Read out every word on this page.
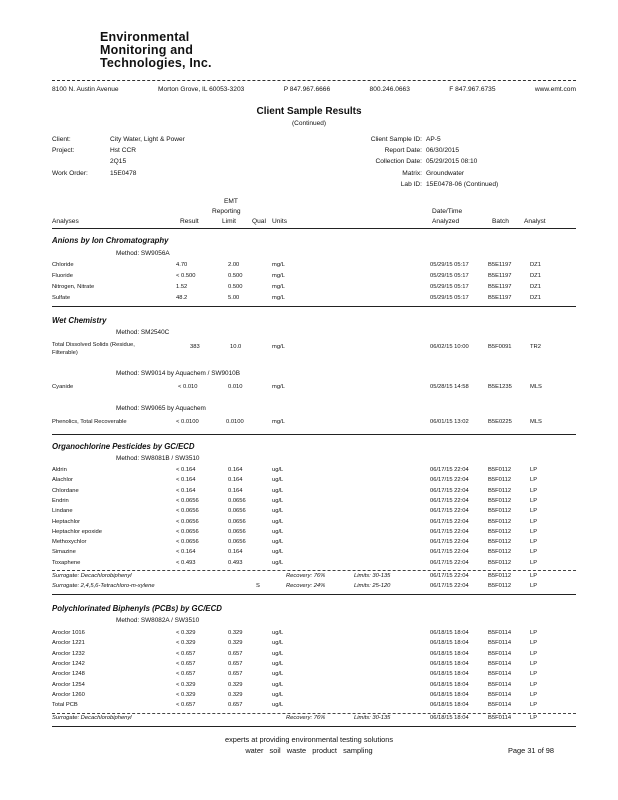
Environmental
Monitoring and
Technologies, Inc.
8100 N. Austin Avenue	Morton Grove, IL 60053-3203	P 847.967.6666	800.246.0663	F 847.967.6735	www.emt.com
Client Sample Results
(Continued)
Client:	City Water, Light & Power
Project:	Hst CCR
2Q15
Work Order:	15E0478
Client Sample ID: AP-5
Report Date: 06/30/2015
Collection Date: 05/29/2015 08:10
Matrix: Groundwater
Lab ID: 15E0478-06 (Continued)
EMT
Reporting
Analyses	Result	Limit Qual Units
Date/Time
Analyzed	Batch Analyst
Anions by Ion Chromatography
Method: SW9056A
Chloride	4.70	2.00	mg/L	05/29/15 05:17	B5E1197	DZ1
Fluoride	< 0.500	0.500	mg/L	05/29/15 05:17	B5E1197	DZ1
Nitrogen, Nitrate	1.52	0.500	mg/L	05/29/15 05:17	B5E1197	DZ1
Sulfate	48.2	5.00	mg/L	05/29/15 05:17	B5E1197	DZ1
Wet Chemistry
Method: SM2540C
Total Dissolved Solids (Residue,
Filterable)
383	10.0	mg/L	06/02/15 10:00	B5F0091	TR2
Method: SW9014 by Aquachem / SW9010B
Cyanide	< 0.010	0.010	mg/L	05/28/15 14:58	B5E1235	MLS
Method: SW9065 by Aquachem
Phenolics, Total Recoverable	< 0.0100	0.0100	mg/L	06/01/15 13:02	B5E0225	MLS
Organochlorine Pesticides by GC/ECD
Method: SW8081B / SW3510
Aldrin	< 0.164	0.164	ug/L	06/17/15 22:04	B5F0112	LP
Alachlor	< 0.164	0.164	ug/L	06/17/15 22:04	B5F0112	LP
Chlordane	< 0.164	0.164	ug/L	06/17/15 22:04	B5F0112	LP
Endrin	< 0.0656	0.0656	ug/L	06/17/15 22:04	B5F0112	LP
Lindane	< 0.0656	0.0656	ug/L	06/17/15 22:04	B5F0112	LP
Heptachlor	< 0.0656	0.0656	ug/L	06/17/15 22:04	B5F0112	LP
Heptachlor epoxide	< 0.0656	0.0656	ug/L	06/17/15 22:04	B5F0112	LP
Methoxychlor	< 0.0656	0.0656	ug/L	06/17/15 22:04	B5F0112	LP
Simazine	< 0.164	0.164	ug/L	06/17/15 22:04	B5F0112	LP
Toxaphene	< 0.493	0.493	ug/L	06/17/15 22:04	B5F0112	LP
Surrogate: Decachlorobiphenyl	Recovery: 76%	Limits: 30-135	06/17/15 22:04	B5F0112	LP
Surrogate: 2,4,5,6-Tetrachloro-m-xylene	S	Recovery: 24%	Limits: 25-120	06/17/15 22:04	B5F0112	LP
Polychlorinated Biphenyls (PCBs) by GC/ECD
Method: SW8082A / SW3510
Aroclor 1016	< 0.329	0.329	ug/L	06/18/15 18:04	B5F0114	LP
Aroclor 1221	< 0.329	0.329	ug/L	06/18/15 18:04	B5F0114	LP
Aroclor 1232	< 0.657	0.657	ug/L	06/18/15 18:04	B5F0114	LP
Aroclor 1242	< 0.657	0.657	ug/L	06/18/15 18:04	B5F0114	LP
Aroclor 1248	< 0.657	0.657	ug/L	06/18/15 18:04	B5F0114	LP
Aroclor 1254	< 0.329	0.329	ug/L	06/18/15 18:04	B5F0114	LP
Aroclor 1260	< 0.329	0.329	ug/L	06/18/15 18:04	B5F0114	LP
Total PCB	< 0.657	0.657	ug/L	06/18/15 18:04	B5F0114	LP
Surrogate: Decachlorobiphenyl	Recovery: 76%	Limits: 30-135	06/18/15 18:04	B5F0114	LP
experts at providing environmental testing solutions
water   soil   waste   product   sampling	Page 31 of 98
